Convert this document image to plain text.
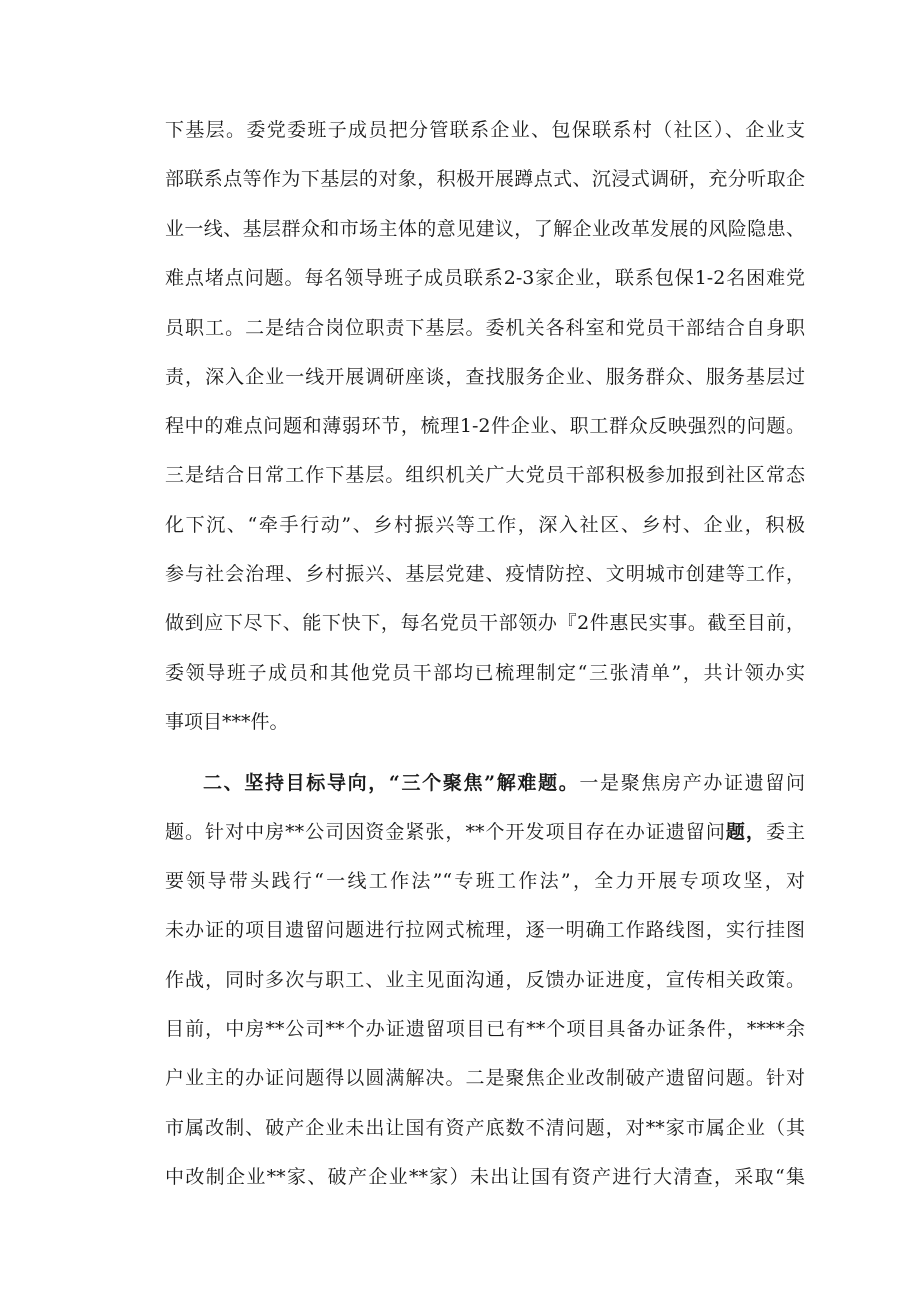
下基层。委党委班子成员把分管联系企业、包保联系村（社区）、企业支
部联系点等作为下基层的对象，积极开展蹲点式、沉浸式调研，充分听取企
业一线、基层群众和市场主体的意见建议，了解企业改革发展的风险隐患、
难点堵点问题。每名领导班子成员联系2-3家企业，联系包保1-2名困难党
员职工。二是结合岗位职责下基层。委机关各科室和党员干部结合自身职
责，深入企业一线开展调研座谈，查找服务企业、服务群众、服务基层过
程中的难点问题和薄弱环节，梳理1-2件企业、职工群众反映强烈的问题。
三是结合日常工作下基层。组织机关广大党员干部积极参加报到社区常态
化下沉、“牵手行动”、乡村振兴等工作，深入社区、乡村、企业，积极
参与社会治理、乡村振兴、基层党建、疫情防控、文明城市创建等工作，
做到应下尽下、能下快下，每名党员干部领办『2件惠民实事。截至目前，
委领导班子成员和其他党员干部均已梳理制定“三张清单”，共计领办实
事项目***件。
二、坚持目标导向，“三个聚焦”解难题。一是聚焦房产办证遗留问
题。针对中房**公司因资金紧张，**个开发项目存在办证遗留问题，委主
要领导带头践行“一线工作法”“专班工作法”，全力开展专项攻坚，对
未办证的项目遗留问题进行拉网式梳理，逐一明确工作路线图，实行挂图
作战，同时多次与职工、业主见面沟通，反馈办证进度，宣传相关政策。
目前，中房**公司**个办证遗留项目已有**个项目具备办证条件，****余
户业主的办证问题得以圆满解决。二是聚焦企业改制破产遗留问题。针对
市属改制、破产企业未出让国有资产底数不清问题，对**家市属企业（其
中改制企业**家、破产企业**家）未出让国有资产进行大清查，采取“集
